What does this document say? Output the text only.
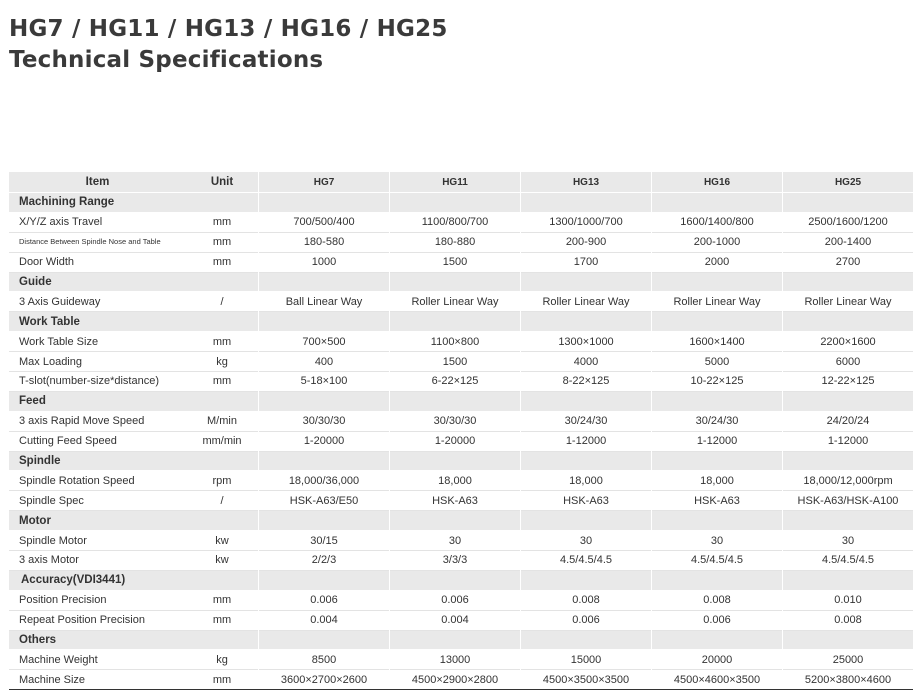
HG7 / HG11 / HG13 / HG16 / HG25
Technical Specifications
Item	Unit		HG7		HG11		HG13		HG16		HG25
Machining Range											
X/Y/Z axis Travel	mm		700/500/400		1100/800/700		1300/1000/700		1600/1400/800		2500/1600/1200
Distance Between Spindle Nose and Table	mm		180-580		180-880		200-900		200-1000		200-1400
Door Width	mm		1000		1500		1700		2000		2700
Guide											
3 Axis Guideway	/		Ball Linear Way		Roller Linear Way		Roller Linear Way		Roller Linear Way		Roller Linear Way
Work Table											
Work Table Size	mm		700×500		1100×800		1300×1000		1600×1400		2200×1600
Max Loading	kg		400		1500		4000		5000		6000
T-slot(number-size*distance)	mm		5-18×100		6-22×125		8-22×125		10-22×125		12-22×125
Feed											
3 axis Rapid Move Speed	M/min		30/30/30		30/30/30		30/24/30		30/24/30		24/20/24
Cutting Feed Speed	mm/min		1-20000		1-20000		1-12000		1-12000		1-12000
Spindle											
Spindle Rotation Speed	rpm		18,000/36,000		18,000		18,000		18,000		18,000/12,000rpm
Spindle Spec	/		HSK-A63/E50		HSK-A63		HSK-A63		HSK-A63		HSK-A63/HSK-A100
Motor											
Spindle Motor	kw		30/15		30		30		30		30
3 axis Motor	kw		2/2/3		3/3/3		4.5/4.5/4.5		4.5/4.5/4.5		4.5/4.5/4.5
Accuracy(VDI3441)											
Position Precision	mm		0.006		0.006		0.008		0.008		0.010
Repeat Position Precision	mm		0.004		0.004		0.006		0.006		0.008
Others											
Machine Weight	kg		8500		13000		15000		20000		25000
Machine Size	mm		3600×2700×2600		4500×2900×2800		4500×3500×3500		4500×4600×3500		5200×3800×4600
